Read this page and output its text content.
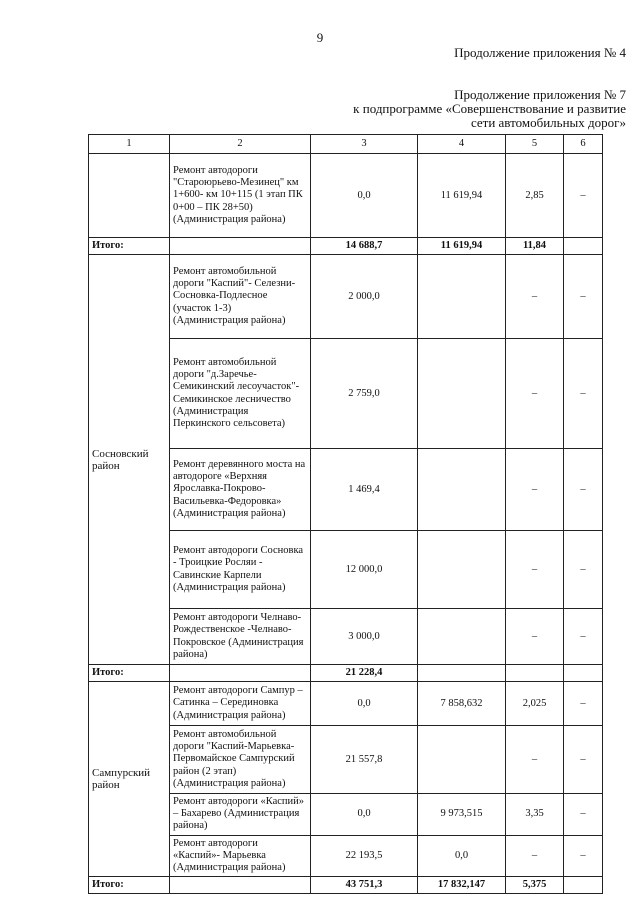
9
Продолжение приложения № 4
Продолжение приложения № 7
к подпрограмме «Совершенствование и развитие
сети автомобильных дорог»
1	2	3	4	5	6
	Ремонт автодороги "Староюрьево-Мезинец" км 1+600- км 10+115 (1 этап ПК 0+00 – ПК 28+50) (Администрация района)	0,0	11 619,94	2,85	–
Итого:		14 688,7	11 619,94	11,84	
Сосновский район	Ремонт автомобильной дороги "Каспий"- Селезни-Сосновка-Подлесное (участок 1-3) (Администрация района)	2 000,0		–	–
	Ремонт автомобильной дороги "д.Заречье-Семикинский лесоучасток"- Семикинское лесничество (Администрация Перкинского сельсовета)	2 759,0		–	–
	Ремонт деревянного моста на автодороге «Верхняя Ярославка-Покрово-Васильевка-Федоровка» (Администрация района)	1 469,4		–	–
	Ремонт автодороги Сосновка - Троицкие Росляи - Савинские Карпели (Администрация района)	12 000,0		–	–
	Ремонт автодороги Челнаво- Рождественское -Челнаво-Покровское (Администрация района)	3 000,0		–	–
Итого:		21 228,4			
Сампурский район	Ремонт автодороги Сампур – Сатинка – Серединовка (Администрация района)	0,0	7 858,632	2,025	–
	Ремонт автомобильной дороги "Каспий-Марьевка-Первомайское Сампурский район (2 этап) (Администрация района)	21 557,8		–	–
	Ремонт автодороги «Каспий» – Бахарево (Администрация района)	0,0	9 973,515	3,35	–
	Ремонт автодороги «Каспий»- Марьевка (Администрация района)	22 193,5	0,0	–	–
Итого:		43 751,3	17 832,147	5,375	
